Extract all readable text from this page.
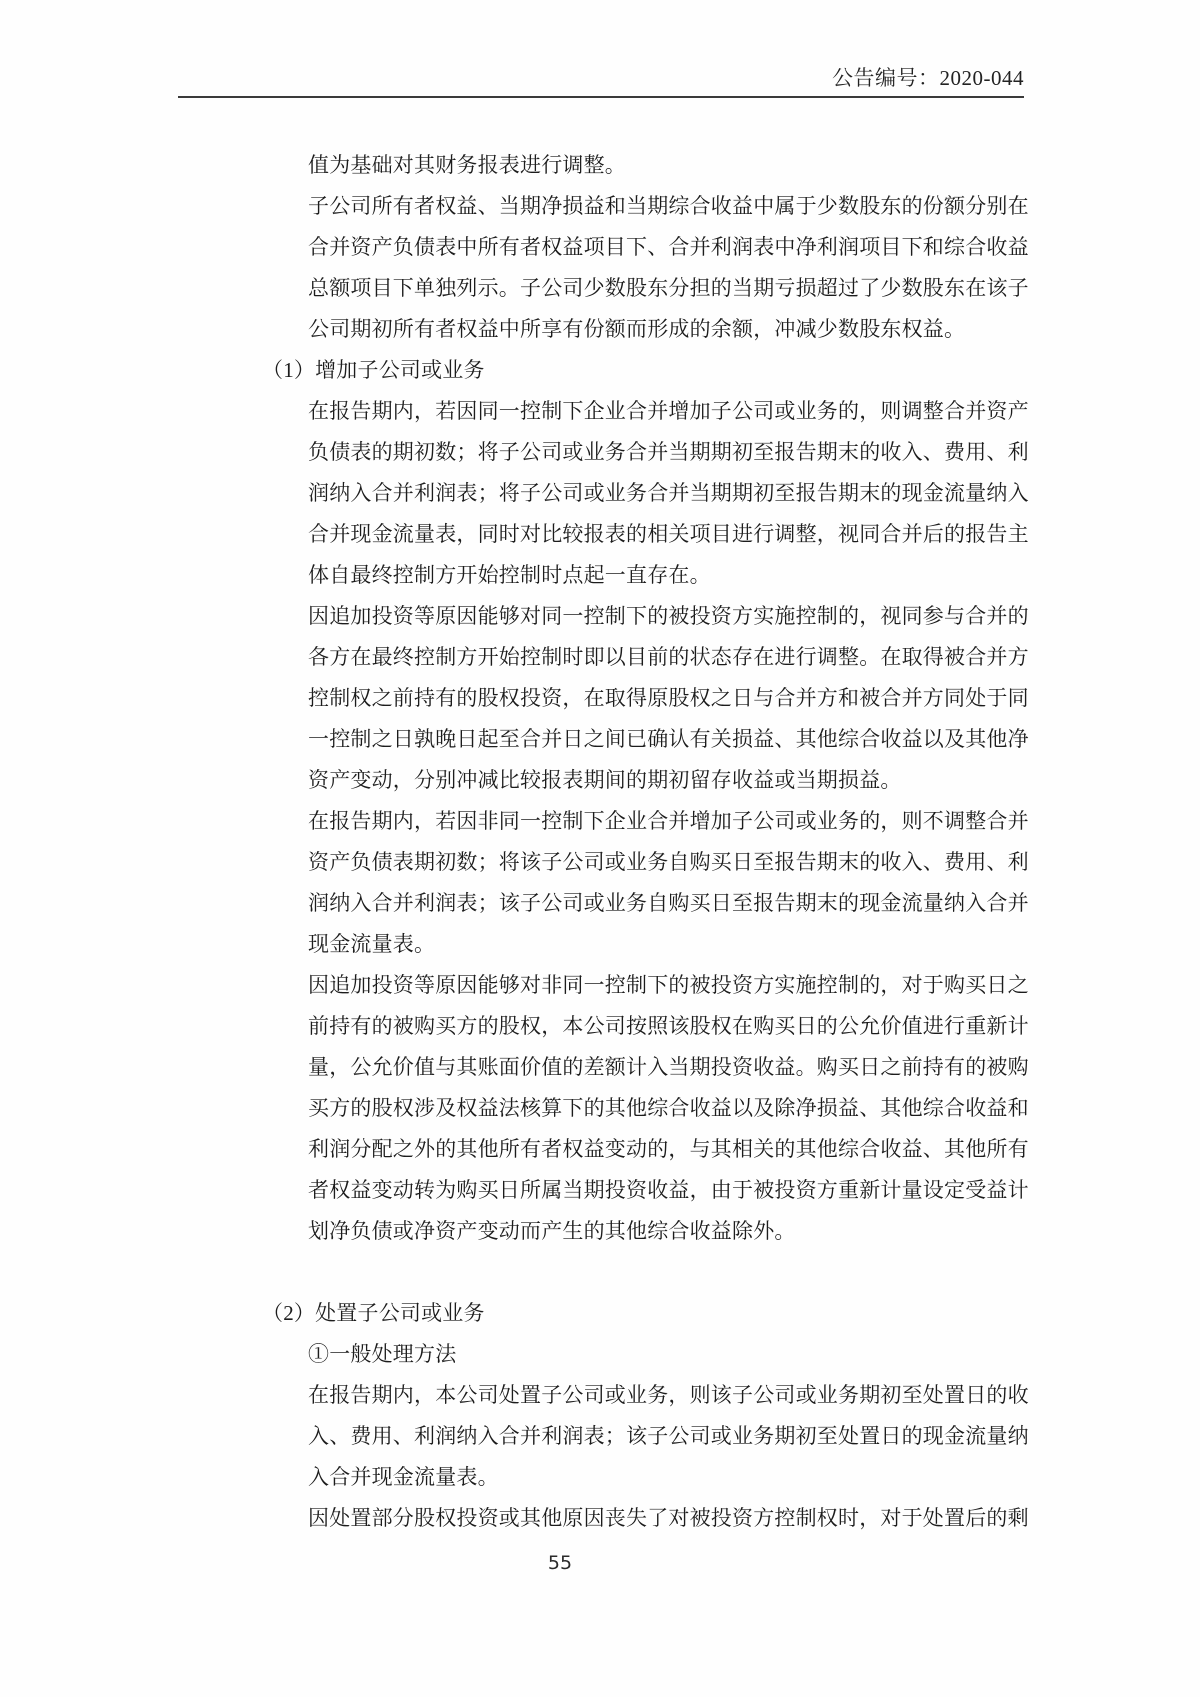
公告编号：2020-044
值为基础对其财务报表进行调整。
子公司所有者权益、当期净损益和当期综合收益中属于少数股东的份额分别在
合并资产负债表中所有者权益项目下、合并利润表中净利润项目下和综合收益
总额项目下单独列示。子公司少数股东分担的当期亏损超过了少数股东在该子
公司期初所有者权益中所享有份额而形成的余额，冲减少数股东权益。
（1）增加子公司或业务
在报告期内，若因同一控制下企业合并增加子公司或业务的，则调整合并资产
负债表的期初数；将子公司或业务合并当期期初至报告期末的收入、费用、利
润纳入合并利润表；将子公司或业务合并当期期初至报告期末的现金流量纳入
合并现金流量表，同时对比较报表的相关项目进行调整，视同合并后的报告主
体自最终控制方开始控制时点起一直存在。
因追加投资等原因能够对同一控制下的被投资方实施控制的，视同参与合并的
各方在最终控制方开始控制时即以目前的状态存在进行调整。在取得被合并方
控制权之前持有的股权投资，在取得原股权之日与合并方和被合并方同处于同
一控制之日孰晚日起至合并日之间已确认有关损益、其他综合收益以及其他净
资产变动，分别冲减比较报表期间的期初留存收益或当期损益。
在报告期内，若因非同一控制下企业合并增加子公司或业务的，则不调整合并
资产负债表期初数；将该子公司或业务自购买日至报告期末的收入、费用、利
润纳入合并利润表；该子公司或业务自购买日至报告期末的现金流量纳入合并
现金流量表。
因追加投资等原因能够对非同一控制下的被投资方实施控制的，对于购买日之
前持有的被购买方的股权，本公司按照该股权在购买日的公允价值进行重新计
量，公允价值与其账面价值的差额计入当期投资收益。购买日之前持有的被购
买方的股权涉及权益法核算下的其他综合收益以及除净损益、其他综合收益和
利润分配之外的其他所有者权益变动的，与其相关的其他综合收益、其他所有
者权益变动转为购买日所属当期投资收益，由于被投资方重新计量设定受益计
划净负债或净资产变动而产生的其他综合收益除外。
（2）处置子公司或业务
①一般处理方法
在报告期内，本公司处置子公司或业务，则该子公司或业务期初至处置日的收
入、费用、利润纳入合并利润表；该子公司或业务期初至处置日的现金流量纳
入合并现金流量表。
因处置部分股权投资或其他原因丧失了对被投资方控制权时，对于处置后的剩
55
